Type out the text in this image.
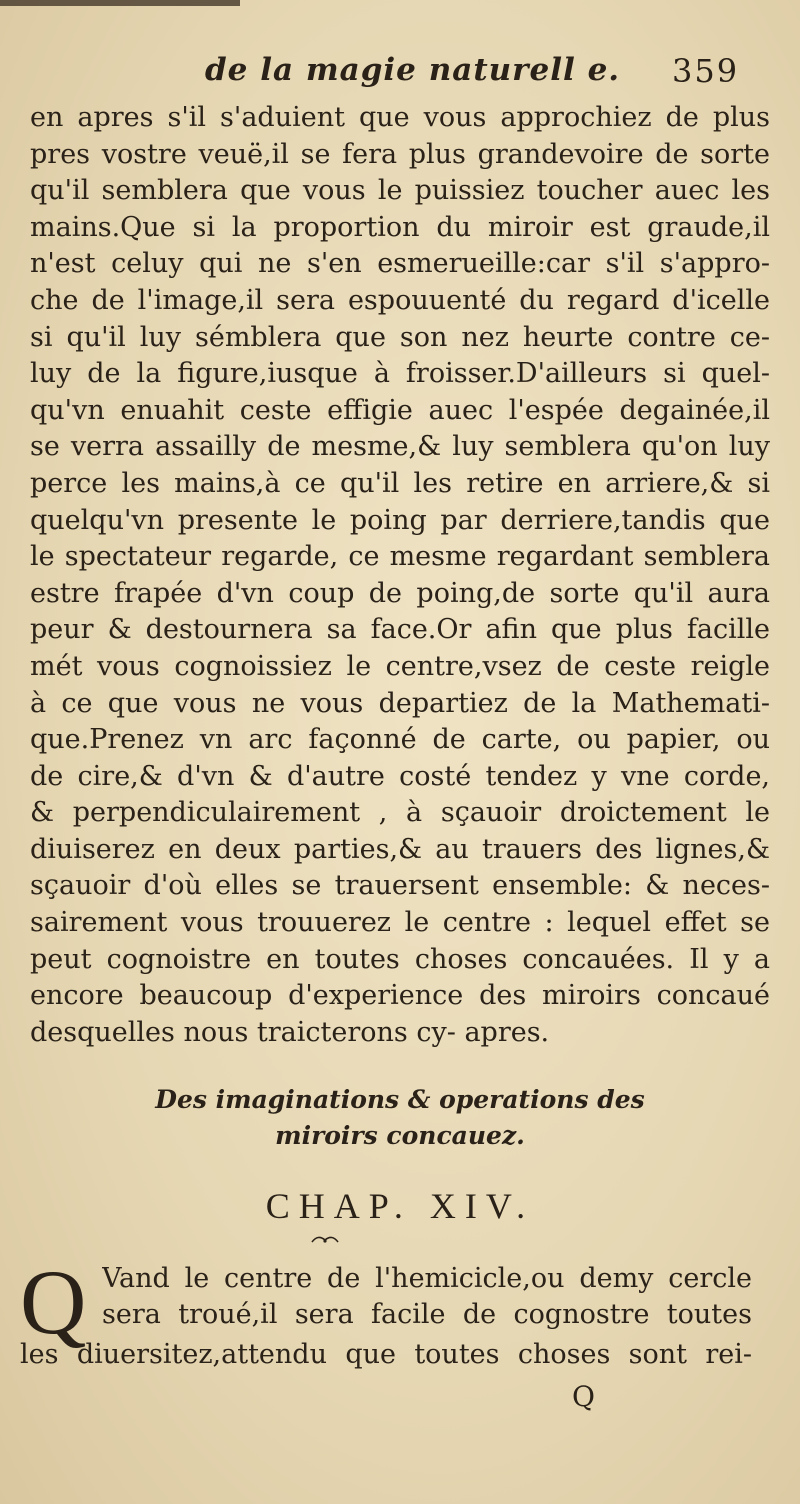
de la magie naturell e. 359
en apres s'il s'aduient que vous approchiez de plus
pres vostre veuë,il se fera plus grandevoire de sorte
qu'il semblera que vous le puissiez toucher auec les
mains.Que si la proportion du miroir est graude,il
n'est celuy qui ne s'en esmerueille:car s'il s'appro-
che de l'image,il sera espouuenté du regard d'icelle
si qu'il luy sémblera que son nez heurte contre ce-
luy de la figure,iusque à froisser.D'ailleurs si quel-
qu'vn enuahit ceste effigie auec l'espée degainée,il
se verra assailly de mesme,& luy semblera qu'on luy
perce les mains,à ce qu'il les retire en arriere,& si
quelqu'vn presente le poing par derriere,tandis que
le spectateur regarde, ce mesme regardant semblera
estre frapée d'vn coup de poing,de sorte qu'il aura
peur & destournera sa face.Or afin que plus facille
mét vous cognoissiez le centre,vsez de ceste reigle
à ce que vous ne vous departiez de la Mathemati-
que.Prenez vn arc façonné de carte, ou papier, ou
de cire,& d'vn & d'autre costé tendez y vne corde,
& perpendiculairement , à sçauoir droictement le
diuiserez en deux parties,& au trauers des lignes,&
sçauoir d'où elles se trauersent ensemble: & neces-
sairement vous trouuerez le centre : lequel effet se
peut cognoistre en toutes choses concauées. Il y a
encore beaucoup d'experience des miroirs concaué
desquelles nous traicterons cy- apres.
Des imaginations & operations des
miroirs concauez.
CHAP. XIV.
Q Vand le centre de l'hemicicle,ou demy cercle
sera troué,il sera facile de cognostre toutes
les diuersitez,attendu que toutes choses sont rei-
Q
